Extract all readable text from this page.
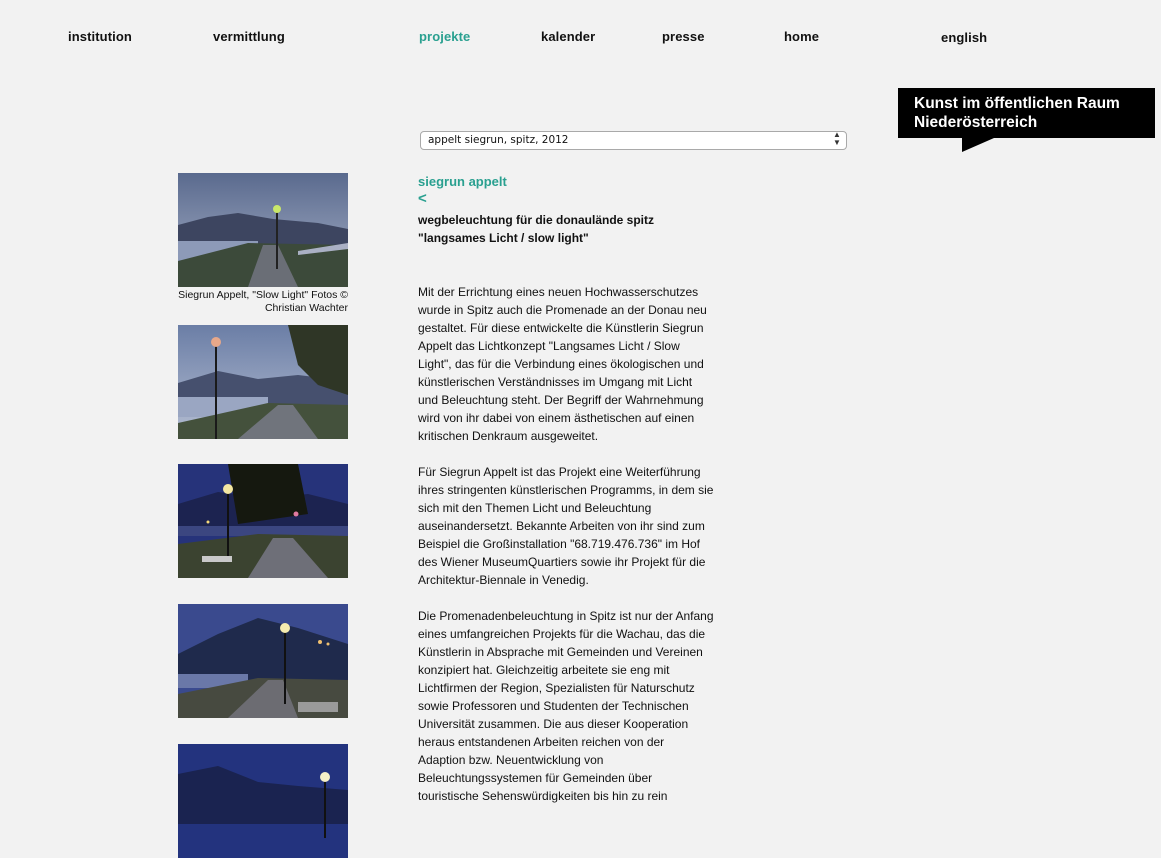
institution	vermittlung	projekte	kalender	presse	home	english
Kunst im öffentlichen Raum
Niederösterreich
appelt siegrun, spitz, 2012	▲
▼
Siegrun Appelt, "Slow Light" Fotos © Christian Wachter
siegrun appelt
<
wegbeleuchtung für die donaulände spitz
"langsames Licht / slow light"

Mit der Errichtung eines neuen Hochwasserschutzes wurde in Spitz auch die Promenade an der Donau neu gestaltet. Für diese entwickelte die Künstlerin Siegrun Appelt das Lichtkonzept "Langsames Licht / Slow Light", das für die Verbindung eines ökologischen und künstlerischen Verständnisses im Umgang mit Licht und Beleuchtung steht. Der Begriff der Wahrnehmung wird von ihr dabei von einem ästhetischen auf einen kritischen Denkraum ausgeweitet.

Für Siegrun Appelt ist das Projekt eine Weiterführung ihres stringenten künstlerischen Programms, in dem sie sich mit den Themen Licht und Beleuchtung auseinandersetzt. Bekannte Arbeiten von ihr sind zum Beispiel die Großinstallation "68.719.476.736" im Hof des Wiener MuseumQuartiers sowie ihr Projekt für die Architektur-Biennale in Venedig.

Die Promenadenbeleuchtung in Spitz ist nur der Anfang eines umfangreichen Projekts für die Wachau, das die Künstlerin in Absprache mit Gemeinden und Vereinen konzipiert hat. Gleichzeitig arbeitete sie eng mit Lichtfirmen der Region, Spezialisten für Naturschutz sowie Professoren und Studenten der Technischen Universität zusammen. Die aus dieser Kooperation heraus entstandenen Arbeiten reichen von der Adaption bzw. Neuentwicklung von Beleuchtungssystemen für Gemeinden über touristische Sehenswürdigkeiten bis hin zu rein
